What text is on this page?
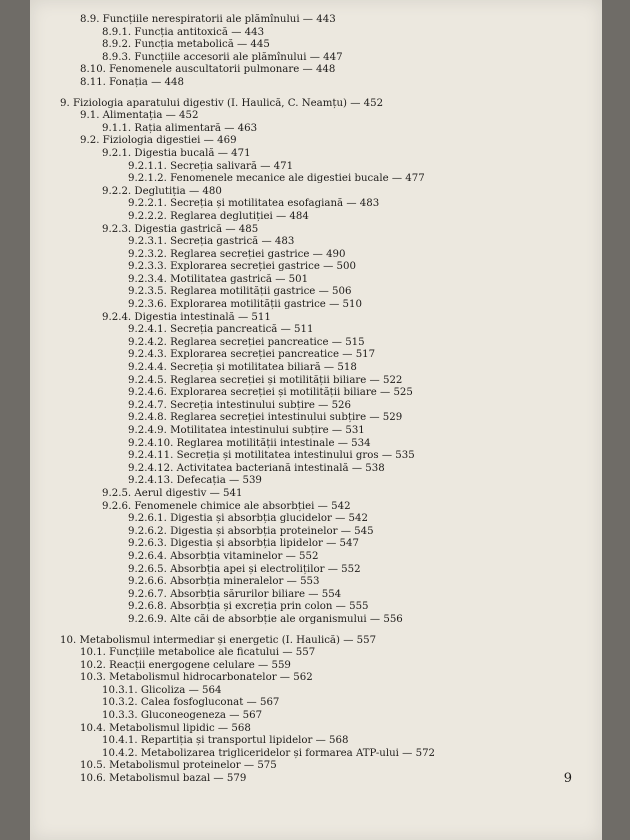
8.9. Funcțiile nerespiratorii ale plămînului — 443
8.9.1. Funcția antitoxică — 443
8.9.2. Funcția metabolică — 445
8.9.3. Funcțiile accesorii ale plămînului — 447
8.10. Fenomenele auscultatorii pulmonare — 448
8.11. Fonația — 448
9. Fiziologia aparatului digestiv (I. Haulică, C. Neamțu) — 452
9.1. Alimentația — 452
9.1.1. Rația alimentară — 463
9.2. Fiziologia digestiei — 469
9.2.1. Digestia bucală — 471
9.2.1.1. Secreția salivară — 471
9.2.1.2. Fenomenele mecanice ale digestiei bucale — 477
9.2.2. Deglutiția — 480
9.2.2.1. Secreția și motilitatea esofagiană — 483
9.2.2.2. Reglarea deglutiției — 484
9.2.3. Digestia gastrică — 485
9.2.3.1. Secreția gastrică — 483
9.2.3.2. Reglarea secreției gastrice — 490
9.2.3.3. Explorarea secreției gastrice — 500
9.2.3.4. Motilitatea gastrică — 501
9.2.3.5. Reglarea motilității gastrice — 506
9.2.3.6. Explorarea motilității gastrice — 510
9.2.4. Digestia intestinală — 511
9.2.4.1. Secreția pancreatică — 511
9.2.4.2. Reglarea secreției pancreatice — 515
9.2.4.3. Explorarea secreției pancreatice — 517
9.2.4.4. Secreția și motilitatea biliară — 518
9.2.4.5. Reglarea secreției și motilității biliare — 522
9.2.4.6. Explorarea secreției și motilității biliare — 525
9.2.4.7. Secreția intestinului subțire — 526
9.2.4.8. Reglarea secreției intestinului subțire — 529
9.2.4.9. Motilitatea intestinului subțire — 531
9.2.4.10. Reglarea motilității intestinale — 534
9.2.4.11. Secreția și motilitatea intestinului gros — 535
9.2.4.12. Activitatea bacteriană intestinală — 538
9.2.4.13. Defecația — 539
9.2.5. Aerul digestiv — 541
9.2.6. Fenomenele chimice ale absorbției — 542
9.2.6.1. Digestia și absorbția glucidelor — 542
9.2.6.2. Digestia și absorbția proteinelor — 545
9.2.6.3. Digestia și absorbția lipidelor — 547
9.2.6.4. Absorbția vitaminelor — 552
9.2.6.5. Absorbția apei și electroliților — 552
9.2.6.6. Absorbția mineralelor — 553
9.2.6.7. Absorbția sărurilor biliare — 554
9.2.6.8. Absorbția și excreția prin colon — 555
9.2.6.9. Alte căi de absorbție ale organismului — 556
10. Metabolismul intermediar și energetic (I. Haulică) — 557
10.1. Funcțiile metabolice ale ficatului — 557
10.2. Reacții energogene celulare — 559
10.3. Metabolismul hidrocarbonatelor — 562
10.3.1. Glicoliza — 564
10.3.2. Calea fosfogluconat — 567
10.3.3. Gluconeogeneza — 567
10.4. Metabolismul lipidic — 568
10.4.1. Repartiția și transportul lipidelor — 568
10.4.2. Metabolizarea trigliceridelor și formarea ATP-ului — 572
10.5. Metabolismul proteinelor — 575
10.6. Metabolismul bazal — 579	9
